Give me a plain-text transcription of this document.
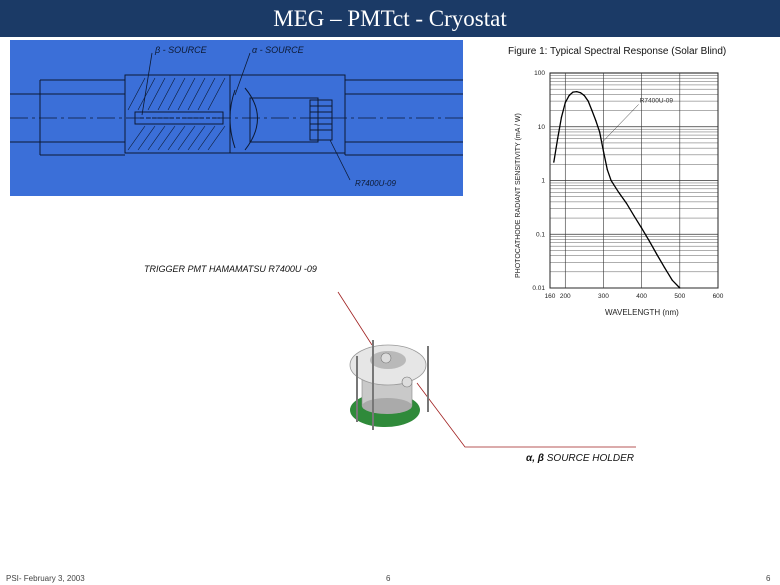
MEG – PMTct - Cryostat
β - SOURCE	α - SOURCE
R7400U-09
Figure 1: Typical Spectral Response (Solar Blind)
WAVELENGTH (nm)
PHOTOCATHODE RADIANT SENSITIVITY (mA / W)
160 200	300	400	500	600
0.01
0.1
1
10
100
R7400U-09
TRIGGER PMT HAMAMATSU R7400U -09
α, β SOURCE HOLDER
PSI- February 3, 2003	6	6
